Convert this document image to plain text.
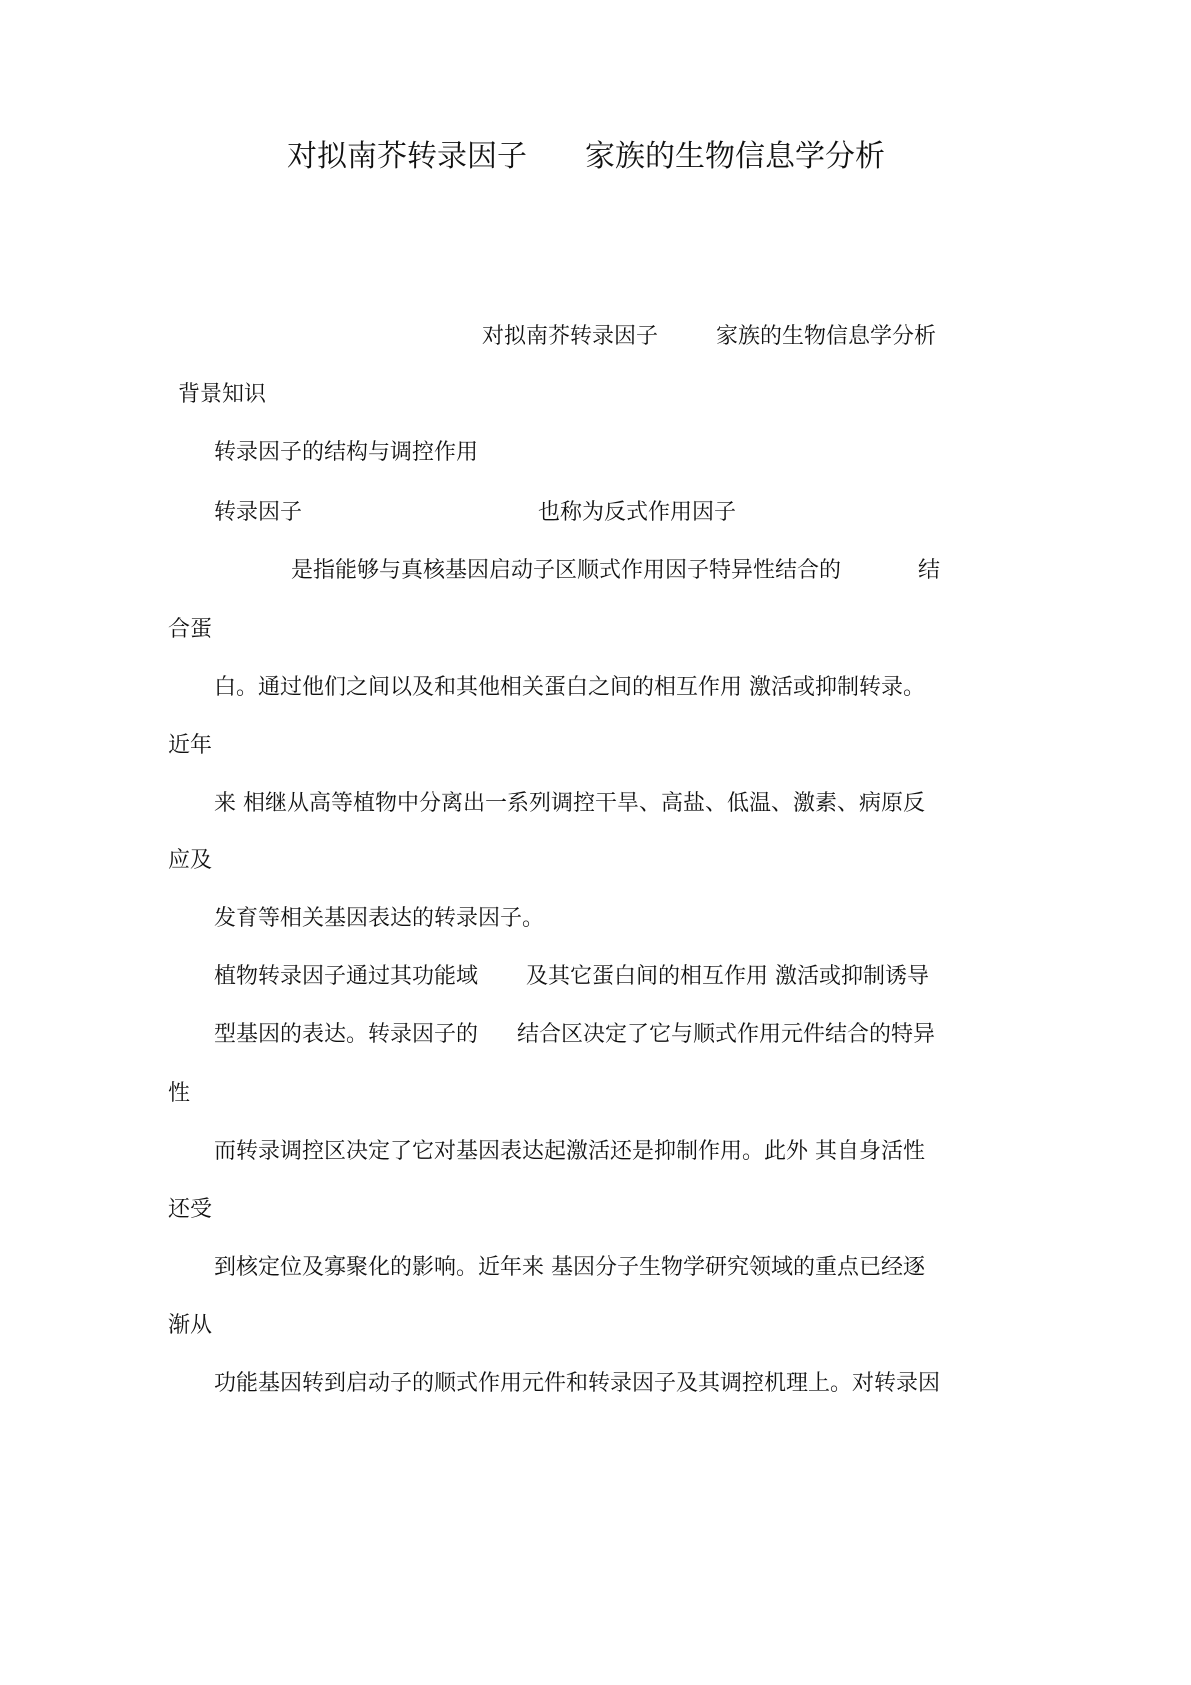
对拟南芥转录因子 家族的生物信息学分析

对拟南芥转录因子	家族的生物信息学分析

背景知识

转录因子的结构与调控作用

转录因子	也称为反式作用因子

是指能够与真核基因启动子区顺式作用因子特异性结合的	结

合蛋

白。通过他们之间以及和其他相关蛋白之间的相互作用 激活或抑制转录。

近年

来 相继从高等植物中分离出一系列调控干旱、高盐、低温、激素、病原反

应及

发育等相关基因表达的转录因子。

植物转录因子通过其功能域 及其它蛋白间的相互作用 激活或抑制诱导

型基因的表达。转录因子的 结合区决定了它与顺式作用元件结合的特异

性

而转录调控区决定了它对基因表达起激活还是抑制作用。此外 其自身活性

还受

到核定位及寡聚化的影响。近年来 基因分子生物学研究领域的重点已经逐

渐从

功能基因转到启动子的顺式作用元件和转录因子及其调控机理上。对转录因
